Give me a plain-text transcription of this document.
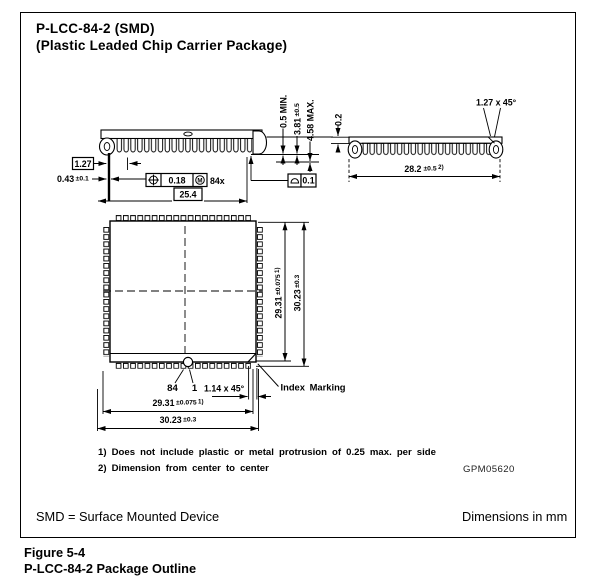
P-LCC-84-2 (SMD)
(Plastic Leaded Chip Carrier Package)
1.27
0.43 ±0.1	0.18 M 84x
25.4
0.5 MIN. 3.81±0.5 4.58 MAX.
0.1
0.2
1.27 x 45°
28.2 ±0.5 2)
29.31±0.0751)
30.23±0.3
84 1 1.14 x 45°
29.31 ±0.0751)
30.23 ±0.3
Index Marking
1) Does not include plastic or metal protrusion of 0.25 max. per side
2) Dimension from center to center	GPM05620
SMD = Surface Mounted Device	Dimensions in mm
Figure 5-4
P-LCC-84-2 Package Outline
